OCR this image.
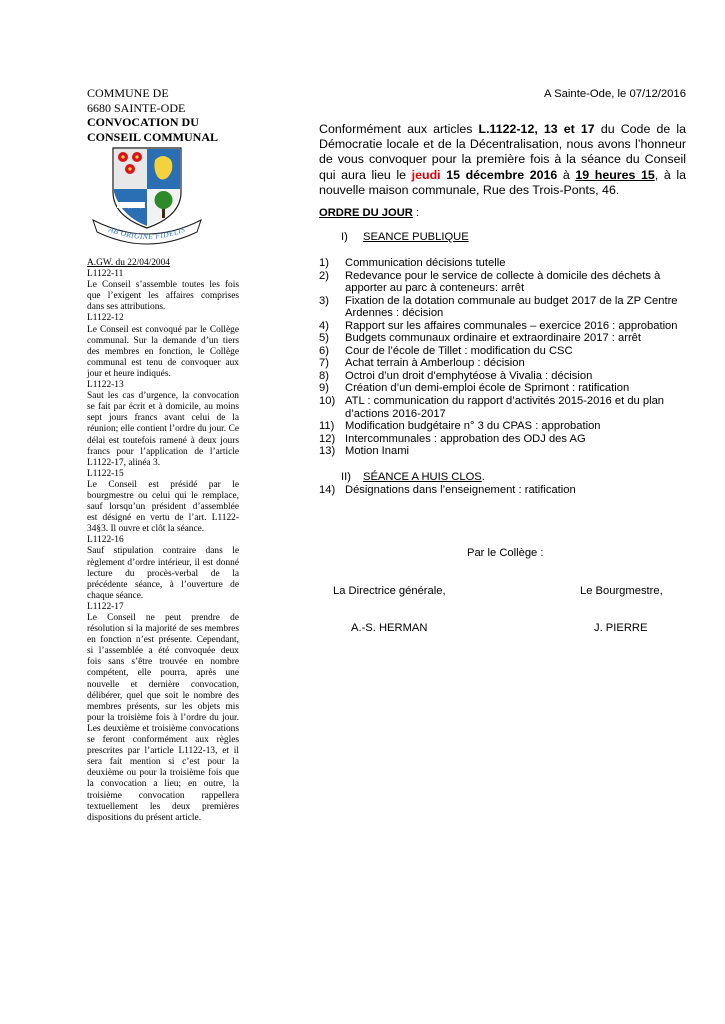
COMMUNE DE
6680 SAINTE-ODE
CONVOCATION DU
CONSEIL COMMUNAL
AB ORIGINE FIDELIS
A.GW. du 22/04/2004
L1122-11
Le Conseil s’assemble toutes les fois que l’exigent les affaires comprises dans ses attributions.
L1122-12
Le Conseil est convoqué par le Collège communal. Sur la demande d’un tiers des membres en fonction, le Collège communal est tenu de convoquer aux jour et heure indiqués.
L1122-13
Saut les cas d’urgence, la convocation se fait par écrit et à domicile, au moins sept jours francs avant celui de la réunion; elle contient l’ordre du jour. Ce délai est toutefois ramené à deux jours francs pour l’application de l’article L1122-17, alinéa 3.
L1122-15
Le Conseil est présidé par le bourgmestre ou celui qui le remplace, sauf lorsqu’un président d’assemblée est désigné en vertu de l’art. L1122-34§3. Il ouvre et clôt la séance.
L1122-16
Sauf stipulation contraire dans le règlement d’ordre intérieur, il est donné lecture du procès-verbal de la précédente séance, à l’ouverture de chaque séance.
L1122-17
Le Conseil ne peut prendre de résolution si la majorité de ses membres en fonction n’est présente. Cependant, si l’assemblée a été convoquée deux fois sans s’être trouvée en nombre compétent, elle pourra, après une nouvelle et dernière convocation, délibérer, quel que soit le nombre des membres présents, sur les objets mis pour la troisième fois à l’ordre du jour. Les deuxième et troisième convocations se feront conformément aux règles prescrites par l’article L1122-13, et il sera fait mention si c’est pour la deuxième ou pour la troisième fois que la convocation a lieu; en outre, la troisième convocation rappellera textuellement les deux premières dispositions du présent article.
A Sainte-Ode, le 07/12/2016
Conformément aux articles L.1122-12, 13 et 17 du Code de la Démocratie locale et de la Décentralisation, nous avons l’honneur de vous convoquer pour la première fois à la séance du Conseil qui aura lieu le jeudi 15 décembre 2016 à 19 heures 15, à la nouvelle maison communale, Rue des Trois-Ponts, 46.
ORDRE DU JOUR :
I) SEANCE PUBLIQUE
1)	Communication décisions tutelle
2)	Redevance pour le service de collecte à domicile des déchets à apporter au parc à conteneurs: arrêt
3)	Fixation de la dotation communale au budget 2017 de la ZP Centre Ardennes : décision
4)	Rapport sur les affaires communales – exercice 2016 : approbation
5)	Budgets communaux ordinaire et extraordinaire 2017 : arrêt
6)	Cour de l’école de Tillet : modification du CSC
7)	Achat terrain à Amberloup : décision
8)	Octroi d’un droit d’emphytéose à Vivalia : décision
9)	Création d’un demi-emploi école de Sprimont : ratification
10) ATL : communication du rapport d’activités 2015-2016 et du plan d’actions 2016-2017
11) Modification budgétaire n° 3 du CPAS : approbation
12) Intercommunales : approbation des ODJ des AG
13) Motion Inami
II) SÉANCE A HUIS CLOS.
14) Désignations dans l’enseignement : ratification
Par le Collège :
La Directrice générale,	Le Bourgmestre,
A.-S. HERMAN	J. PIERRE
